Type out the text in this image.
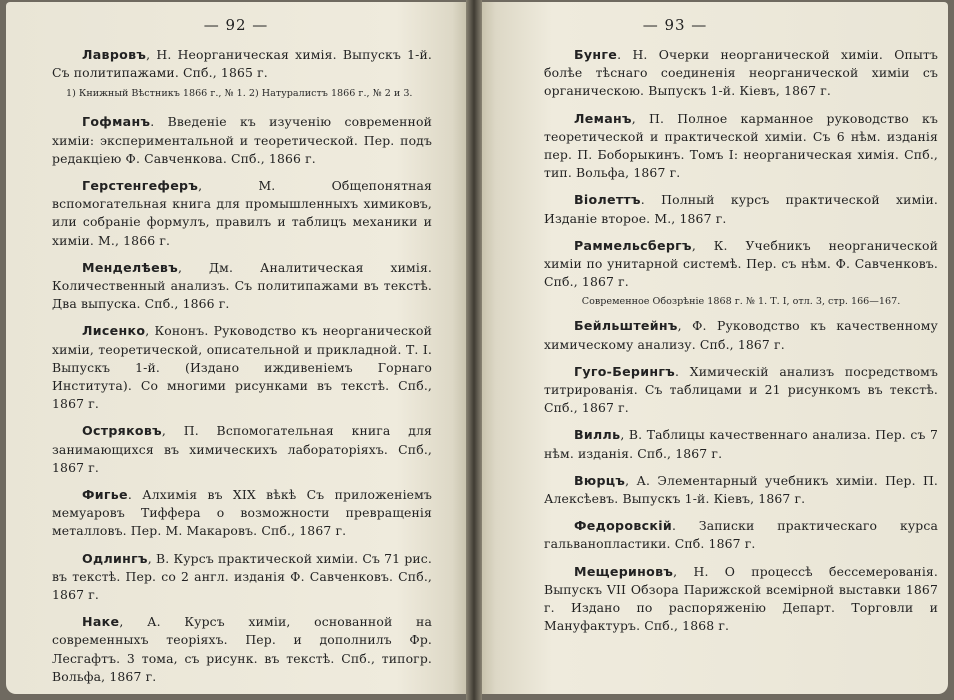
— 92 —

Лавровъ, Н. Неорганическая химія. Выпускъ 1-й. Съ политипажами. Спб., 1865 г.

1) Книжный Вѣстникъ 1866 г., № 1. 2) Натуралистъ 1866 г., № 2 и 3.

Гофманъ. Введеніе къ изученію современной химіи: экспериментальной и теоретической. Пер. подъ редакціею Ф. Савченкова. Спб., 1866 г.

Герстенгеферъ, М. Общепонятная вспомогательная книга для промышленныхъ химиковъ, или собраніе формулъ, правилъ и таблицъ механики и химіи. М., 1866 г.

Менделѣевъ, Дм. Аналитическая химія. Количественный анализъ. Съ политипажами въ текстѣ. Два выпуска. Спб., 1866 г.

Лисенко, Кононъ. Руководство къ неорганической химіи, теоретической, описательной и прикладной. Т. I. Выпускъ 1-й. (Издано иждивеніемъ Горнаго Института). Со многими рисунками въ текстѣ. Спб., 1867 г.

Остряковъ, П. Вспомогательная книга для занимающихся въ химическихъ лабораторіяхъ. Спб., 1867 г.

Фигье. Алхимія въ XIX вѣкѣ Съ приложеніемъ мемуаровъ Тиффера о возможности превращенія металловъ. Пер. М. Макаровъ. Спб., 1867 г.

Одлингъ, В. Курсъ практической химіи. Съ 71 рис. въ текстѣ. Пер. со 2 англ. изданія Ф. Савченковъ. Спб., 1867 г.

Наке, А. Курсъ химіи, основанной на современныхъ теоріяхъ. Пер. и дополнилъ Фр. Лесгафтъ. 3 тома, съ рисунк. въ текстѣ. Спб., типогр. Вольфа, 1867 г.

— 93 —

Бунге. Н. Очерки неорганической химіи. Опытъ болѣе тѣснаго соединенія неорганической химіи съ органическою. Выпускъ 1-й. Кіевъ, 1867 г.

Леманъ, П. Полное карманное руководство къ теоретической и практической химіи. Съ 6 нѣм. изданія пер. П. Боборыкинъ. Томъ I: неорганическая химія. Спб., тип. Вольфа, 1867 г.

Віолеттъ. Полный курсъ практической химіи. Изданіе второе. М., 1867 г.

Раммельсбергъ, К. Учебникъ неорганической химіи по унитарной системѣ. Пер. съ нѣм. Ф. Савченковъ. Спб., 1867 г.

Современное Обозрѣніе 1868 г. № 1. Т. I, отл. 3, стр. 166—167.

Бейльштейнъ, Ф. Руководство къ качественному химическому анализу. Спб., 1867 г.

Гуго-Берингъ. Химическій анализъ посредствомъ титрированія. Съ таблицами и 21 рисункомъ въ текстѣ. Спб., 1867 г.

Вилль, В. Таблицы качественнаго анализа. Пер. съ 7 нѣм. изданія. Спб., 1867 г.

Вюрцъ, А. Элементарный учебникъ химіи. Пер. П. Алексѣевъ. Выпускъ 1-й. Кіевъ, 1867 г.

Федоровскій. Записки практическаго курса гальванопластики. Спб. 1867 г.

Мещериновъ, Н. О процессѣ бессемерованія. Выпускъ VII Обзора Парижской всемірной выставки 1867 г. Издано по распоряженію Департ. Торговли и Мануфактуръ. Спб., 1868 г.
